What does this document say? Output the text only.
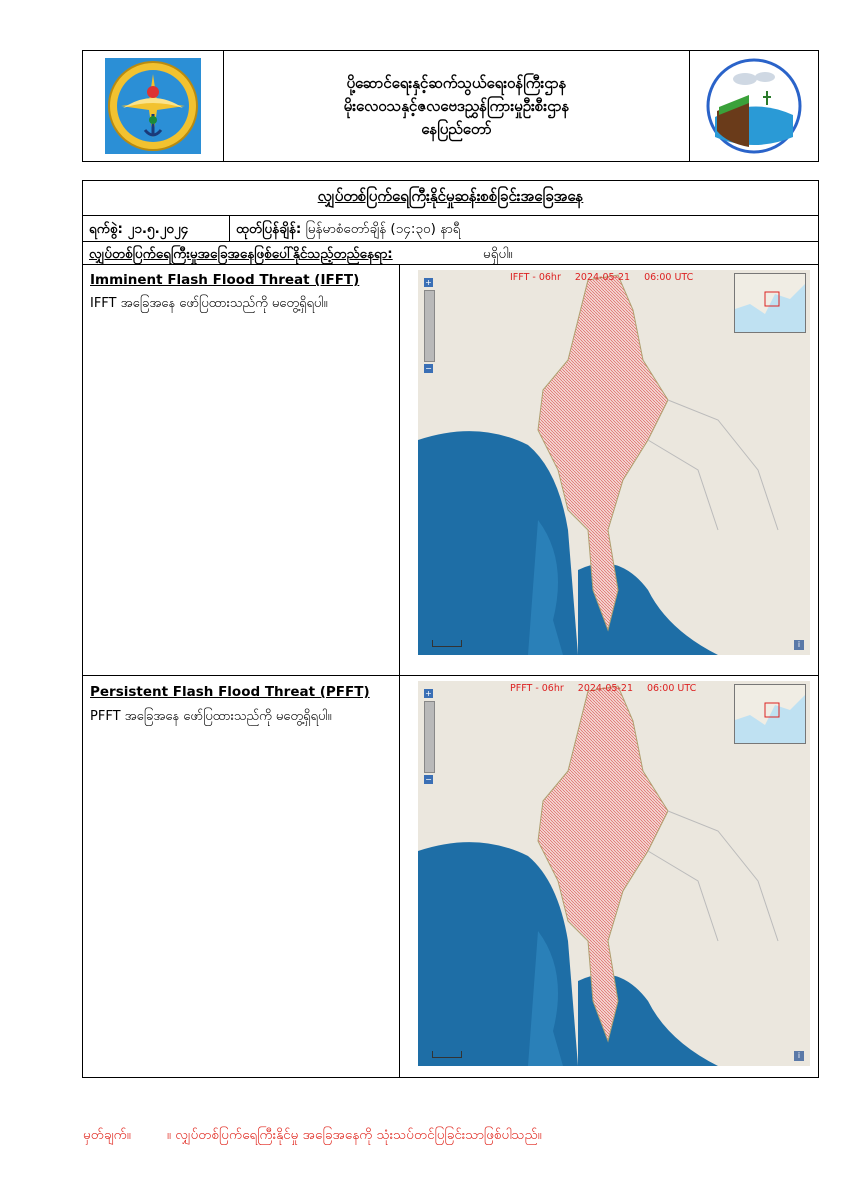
ပို့ဆောင်ရေးနှင့်ဆက်သွယ်ရေးဝန်ကြီးဌာန
မိုးလေဝသနှင့်ဇလဗေဒညွှန်ကြားမှုဦးစီးဌာန
နေပြည်တော်
လျှပ်တစ်ပြက်ရေကြီးနိုင်မှုဆန်းစစ်ခြင်းအခြေအနေ
ရက်စွဲ: ၂၁.၅.၂၀၂၄	ထုတ်ပြန်ချိန်: မြန်မာစံတော်ချိန် (၁၄:၃၀) နာရီ
လျှပ်တစ်ပြက်ရေကြီးမှုအခြေအနေဖြစ်ပေါ်နိုင်သည့်တည်နေရာ:	မရှိပါ။
Imminent Flash Flood Threat (IFFT)
IFFT အခြေအနေ ဖော်ပြထားသည်ကို မတွေ့ရှိရပါ။
IFFT - 06hr 2024-05-21 06:00 UTC
+
−
i
Persistent Flash Flood Threat (PFFT)
PFFT အခြေအနေ ဖော်ပြထားသည်ကို မတွေ့ရှိရပါ။
PFFT - 06hr 2024-05-21 06:00 UTC
+
−
i
မှတ်ချက်။	။ လျှပ်တစ်ပြက်ရေကြီးနိုင်မှု အခြေအနေကို သုံးသပ်တင်ပြခြင်းသာဖြစ်ပါသည်။
